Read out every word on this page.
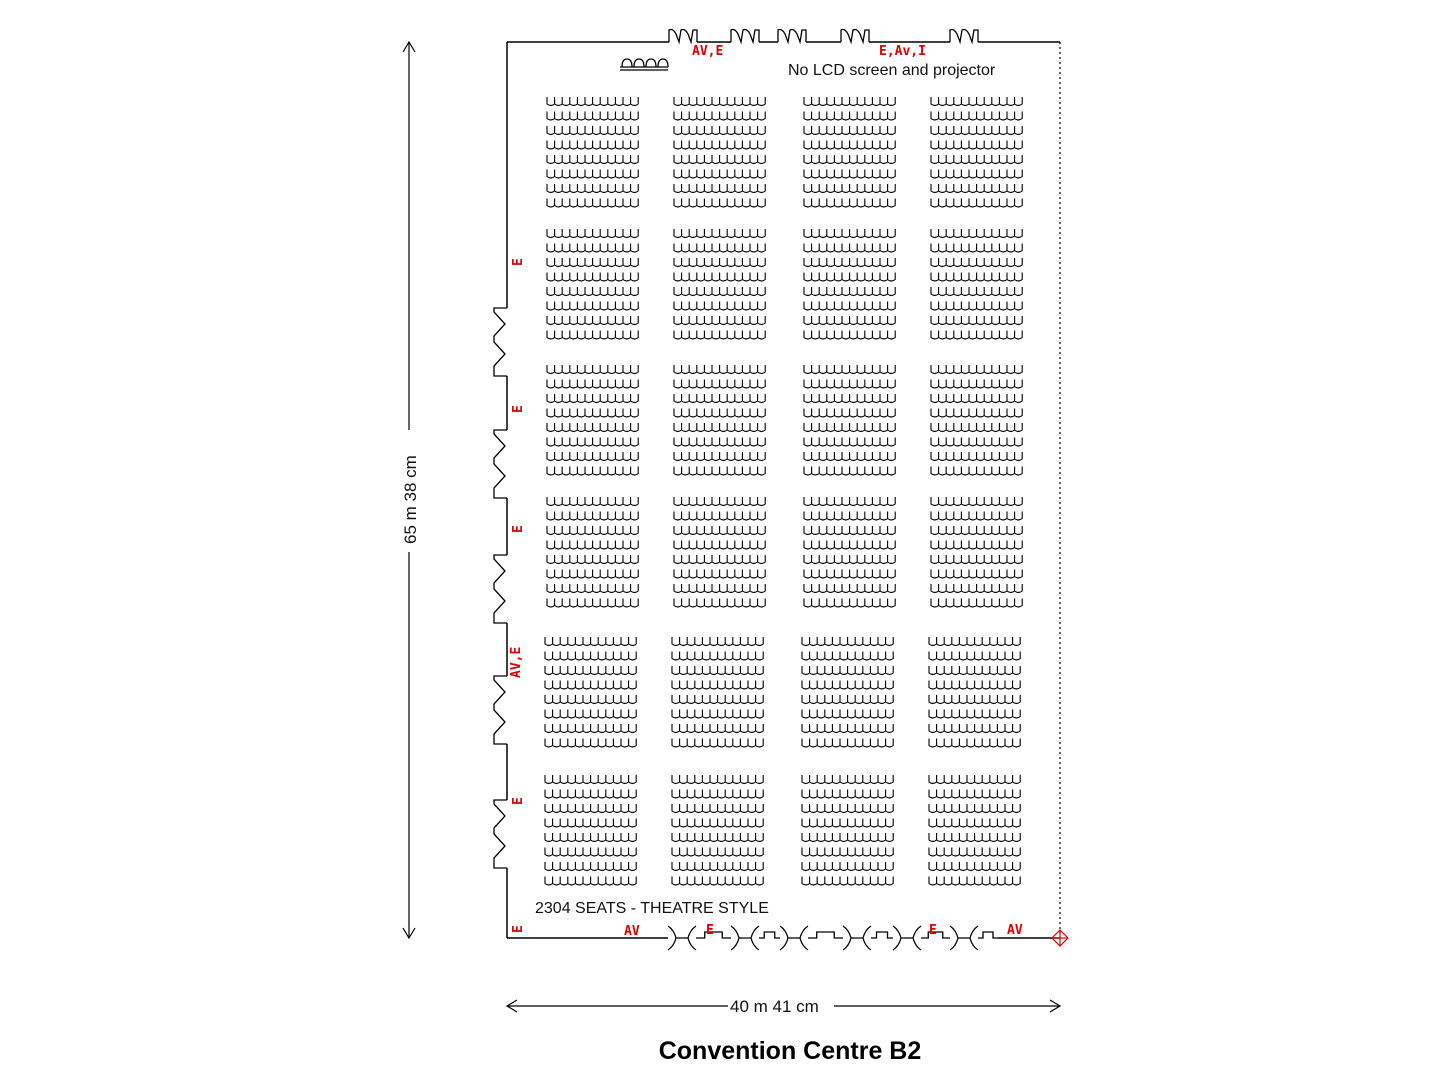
AV,E	E,Av,I
E
E
E
AV,E
E
E	AV	E	E	AV
No LCD screen and projector
2304 SEATS - THEATRE STYLE
65 m 38 cm
40 m 41 cm
Convention Centre B2
